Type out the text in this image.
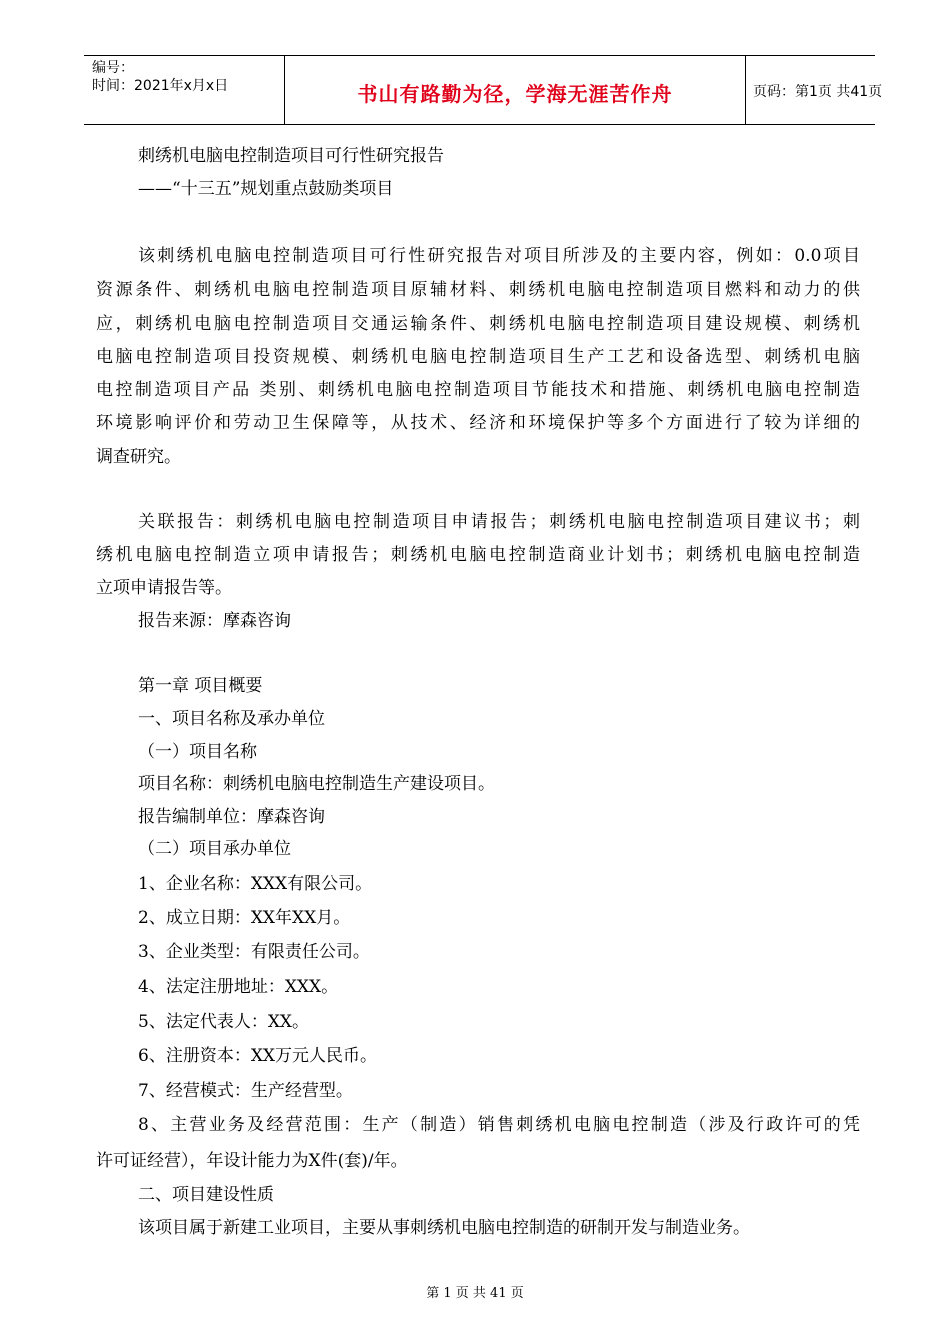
编号：
时间：2021年x月x日	书山有路勤为径，学海无涯苦作舟	页码：第1页 共41页
刺绣机电脑电控制造项目可行性研究报告
——“十三五”规划重点鼓励类项目
该刺绣机电脑电控制造项目可行性研究报告对项目所涉及的主要内容，例如：0.0项目
资源条件、刺绣机电脑电控制造项目原辅材料、刺绣机电脑电控制造项目燃料和动力的供
应，刺绣机电脑电控制造项目交通运输条件、刺绣机电脑电控制造项目建设规模、刺绣机
电脑电控制造项目投资规模、刺绣机电脑电控制造项目生产工艺和设备选型、刺绣机电脑
电控制造项目产品 类别、刺绣机电脑电控制造项目节能技术和措施、刺绣机电脑电控制造
环境影响评价和劳动卫生保障等，从技术、经济和环境保护等多个方面进行了较为详细的
调查研究。
关联报告：刺绣机电脑电控制造项目申请报告；刺绣机电脑电控制造项目建议书；刺
绣机电脑电控制造立项申请报告；刺绣机电脑电控制造商业计划书；刺绣机电脑电控制造
立项申请报告等。
报告来源：摩森咨询
第一章 项目概要
一、项目名称及承办单位
（一）项目名称
项目名称：刺绣机电脑电控制造生产建设项目。
报告编制单位：摩森咨询
（二）项目承办单位
1、企业名称：XXX有限公司。
2、成立日期：XX年XX月。
3、企业类型：有限责任公司。
4、法定注册地址：XXX。
5、法定代表人：XX。
6、注册资本：XX万元人民币。
7、经营模式：生产经营型。
8、主营业务及经营范围：生产（制造）销售刺绣机电脑电控制造（涉及行政许可的凭
许可证经营），年设计能力为X件(套)/年。
二、项目建设性质
该项目属于新建工业项目，主要从事刺绣机电脑电控制造的研制开发与制造业务。
第 1 页 共 41 页
